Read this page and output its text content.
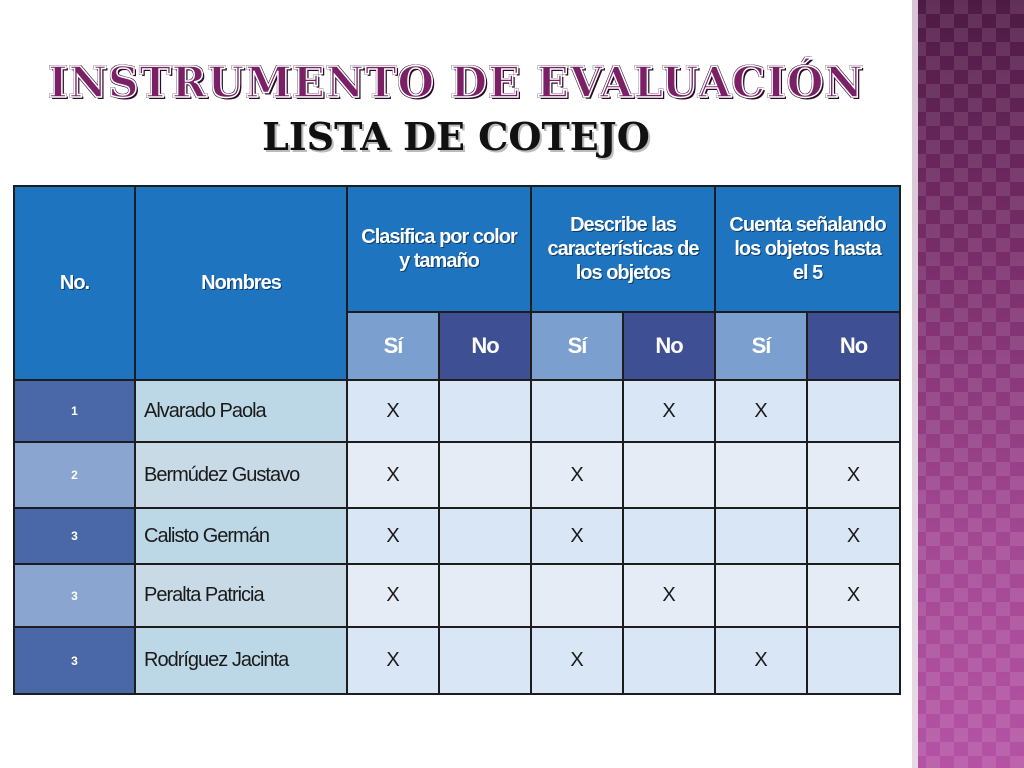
INSTRUMENTO DE EVALUACIÓN
LISTA DE COTEJO
No.	Nombres	Clasifica por color y tamaño		Describe las características de los objetos		Cuenta señalando los objetos hasta el 5	
		Sí	No	Sí	No	Sí	No
1	Alvarado Paola	X			X	X	
2	Bermúdez Gustavo	X		X			X
3	Calisto Germán	X		X			X
3	Peralta Patricia	X			X		X
3	Rodríguez Jacinta	X		X		X	
